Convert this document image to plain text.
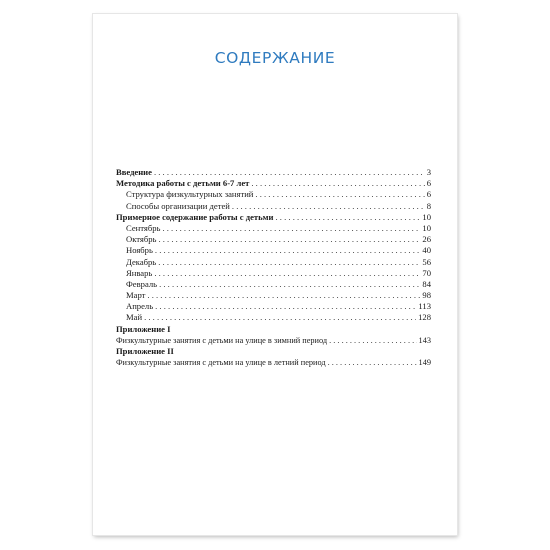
СОДЕРЖАНИЕ
Введение . . .	3
Методика работы с детьми 6-7 лет . . .	6
Структура физкультурных занятий . . .	6
Способы организации детей . . .	8
Примерное содержание работы с детьми . . .	10
Сентябрь . . .	10
Октябрь . . .	26
Ноябрь . . .	40
Декабрь . . .	56
Январь . . .	70
Февраль . . .	84
Март . . .	98
Апрель . . .	113
Май . . .	128
Приложение I
Физкультурные занятия с детьми на улице в зимний период . . .	143
Приложение II
Физкультурные занятия с детьми на улице в летний период . . .	149
